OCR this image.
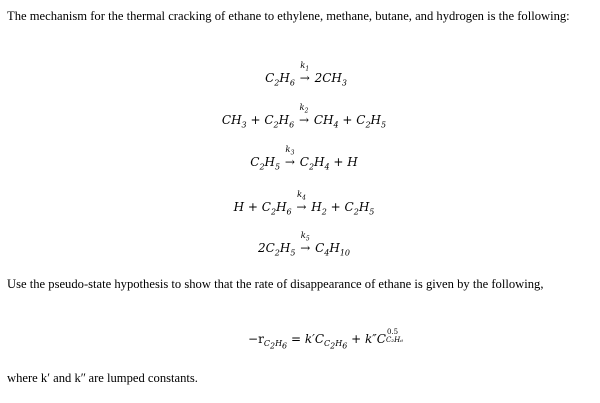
The mechanism for the thermal cracking of ethane to ethylene, methane, butane, and hydrogen is the following:
$C_2H_6$
$k_1$
→ $2CH_3$
$CH_3 + C_2H_6$
$k_2$
→ $CH_4 + C_2H_5$
$C_2H_5$
$k_3$
→ $C_2H_4 + H$
$H + C_2H_6$
$k_4$
→ $H_2 + C_2H_5$
$2C_2H_5$
$k_5$
→ $C_4H_{10}$
Use the pseudo-state hypothesis to show that the rate of disappearance of ethane is given by the following,
$-r_{C_2H_6} = k'C_{C_2H_6} + k''C$ 0.5
C₂H₆
where kʹ and kʺ are lumped constants.
